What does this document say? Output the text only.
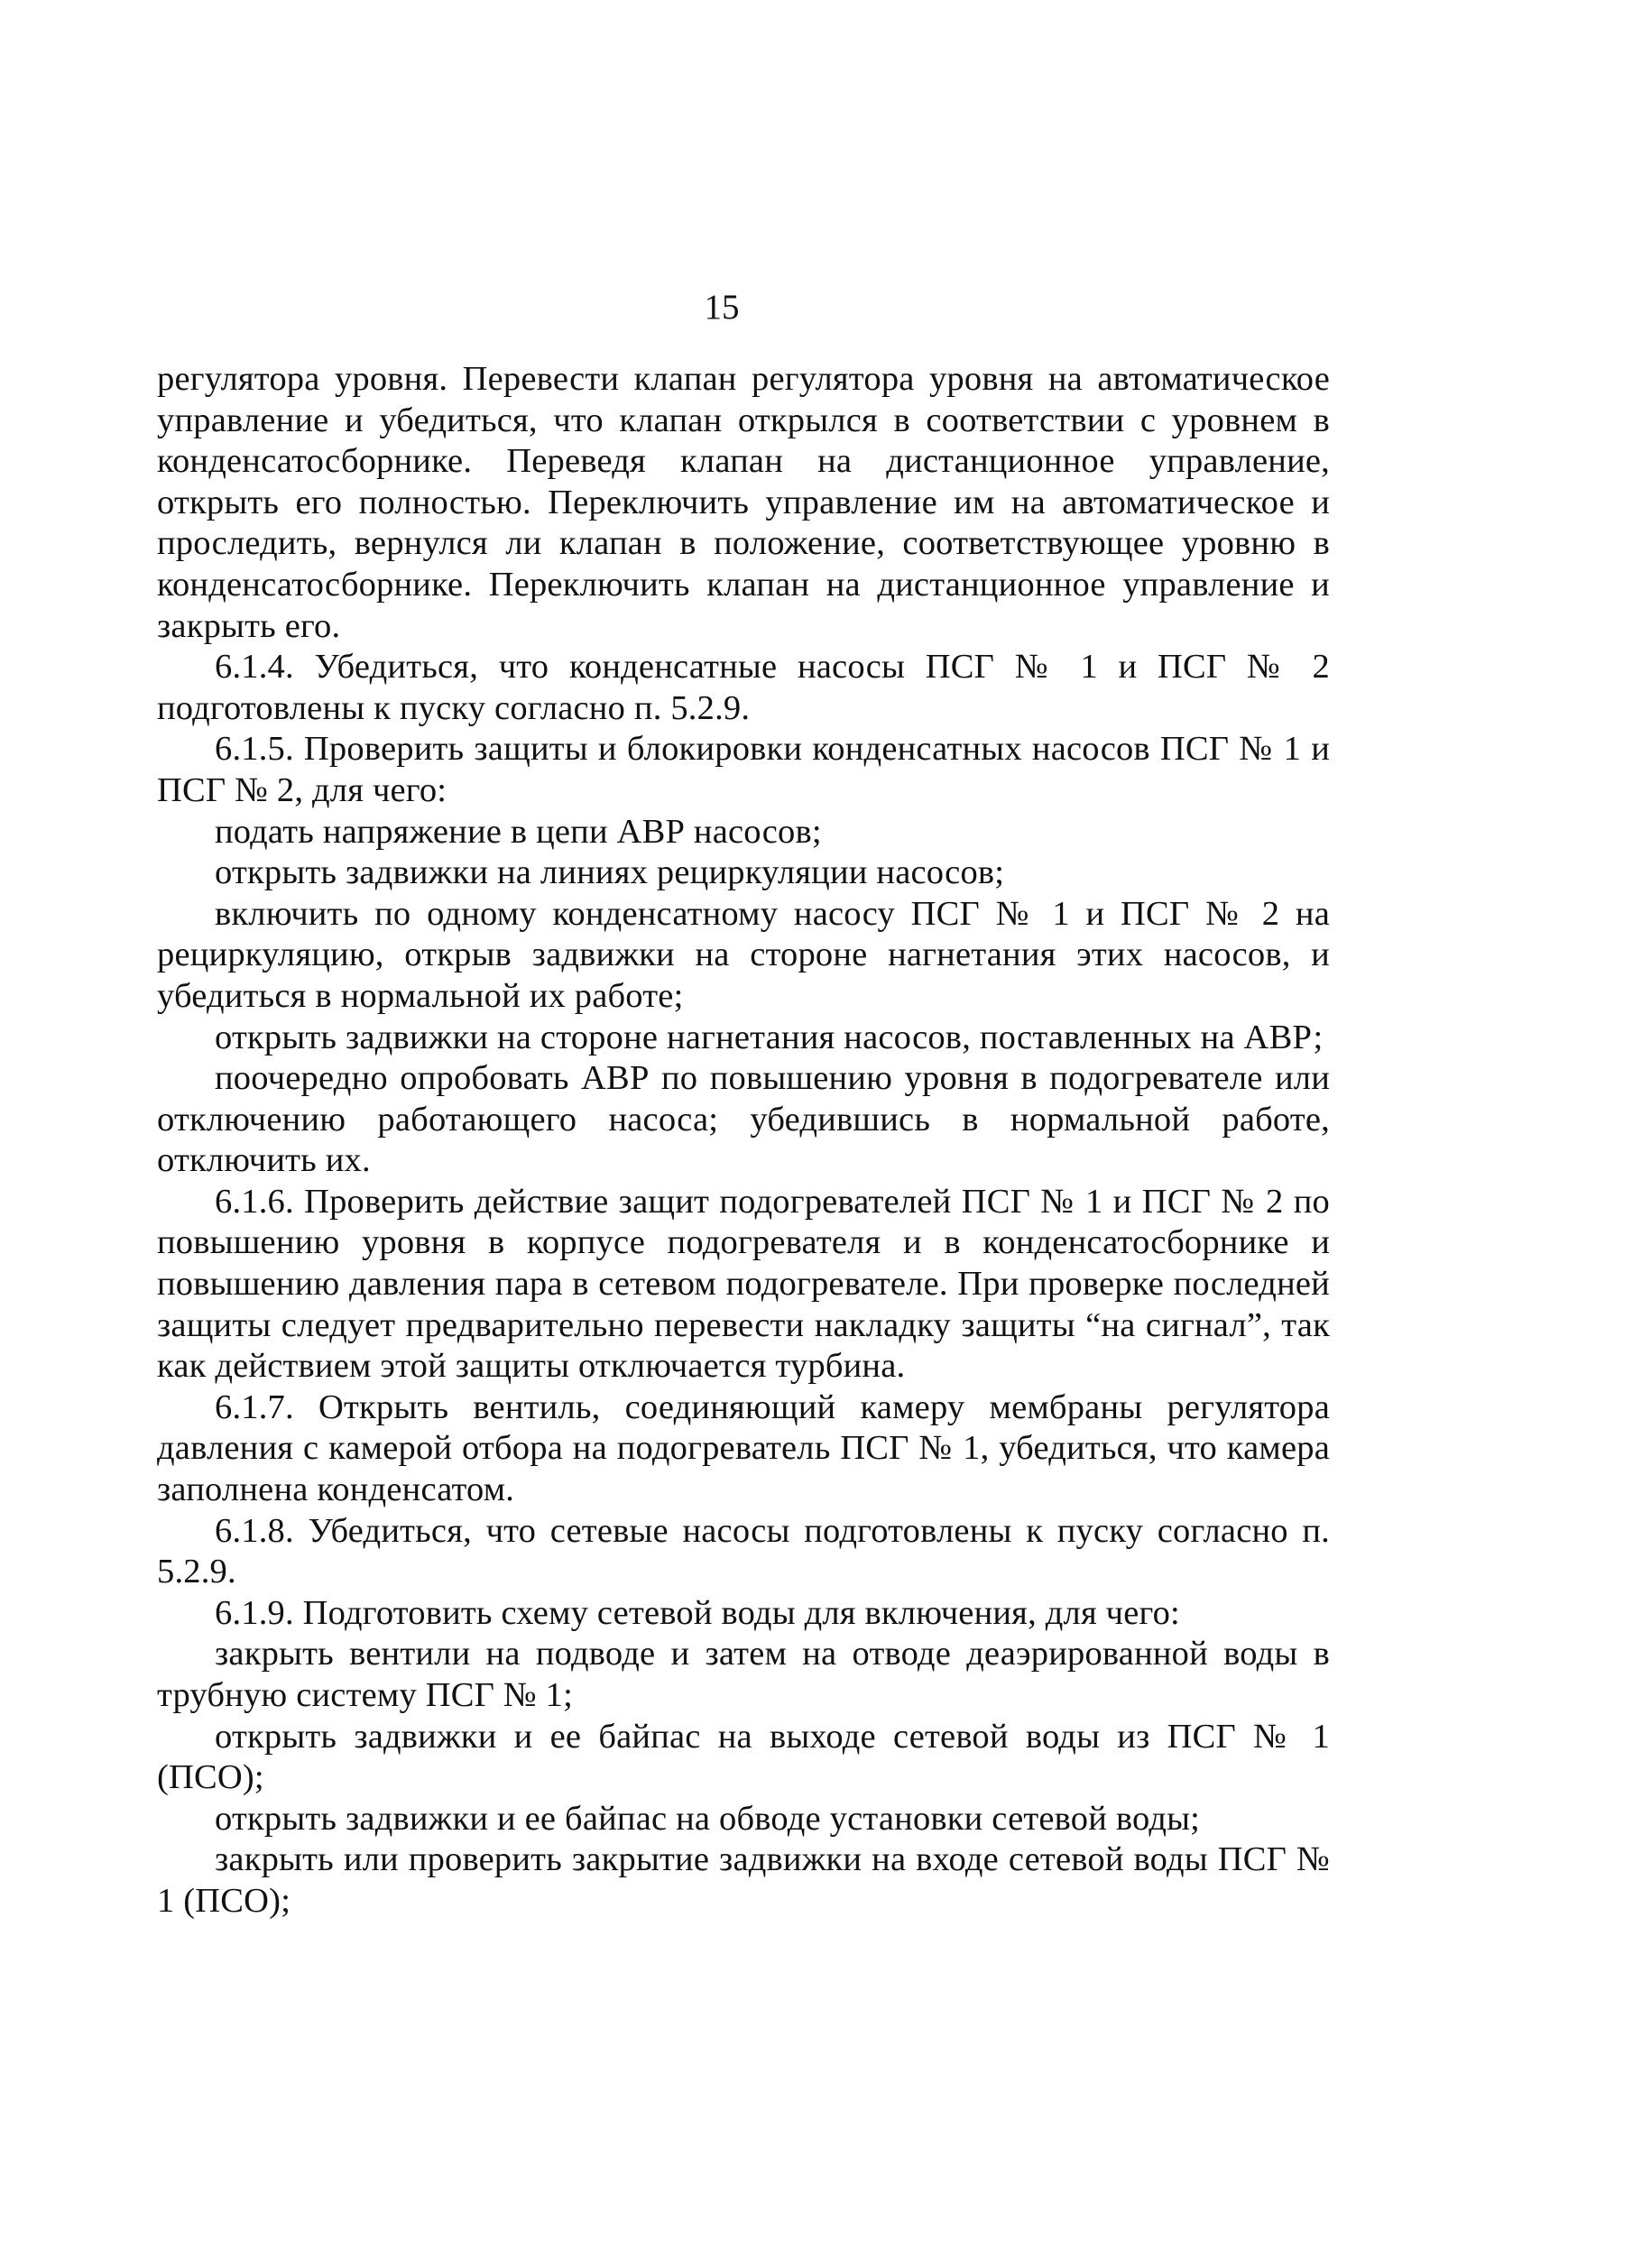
15

регулятора уровня. Перевести клапан регулятора уровня на автоматическое управление и убедиться, что клапан открылся в соответствии с уровнем в конденсатосборнике. Переведя клапан на дистанционное управление, открыть его полностью. Переключить управление им на автоматическое и проследить, вернулся ли клапан в положение, соответствующее уровню в конденсатосборнике. Переключить клапан на дистанционное управление и закрыть его.

6.1.4. Убедиться, что конденсатные насосы ПСГ № 1 и ПСГ № 2 подготовлены к пуску согласно п. 5.2.9.

6.1.5. Проверить защиты и блокировки конденсатных насосов ПСГ № 1 и ПСГ № 2, для чего:

подать напряжение в цепи АВР насосов;

открыть задвижки на линиях рециркуляции насосов;

включить по одному конденсатному насосу ПСГ № 1 и ПСГ № 2 на рециркуляцию, открыв задвижки на стороне нагнетания этих насосов, и убедиться в нормальной их работе;

открыть задвижки на стороне нагнетания насосов, поставленных на АВР;

поочередно опробовать АВР по повышению уровня в подогревателе или отключению работающего насоса; убедившись в нормальной работе, отключить их.

6.1.6. Проверить действие защит подогревателей ПСГ № 1 и ПСГ № 2 по повышению уровня в корпусе подогревателя и в конденсатосборнике и повышению давления пара в сетевом подогревателе. При проверке последней защиты следует предварительно перевести накладку защиты “на сигнал”, так как действием этой защиты отключается турбина.

6.1.7. Открыть вентиль, соединяющий камеру мембраны регулятора давления с камерой отбора на подогреватель ПСГ № 1, убедиться, что камера заполнена конденсатом.

6.1.8. Убедиться, что сетевые насосы подготовлены к пуску согласно п. 5.2.9.

6.1.9. Подготовить схему сетевой воды для включения, для чего:

закрыть вентили на подводе и затем на отводе деаэрированной воды в трубную систему ПСГ № 1;

открыть задвижки и ее байпас на выходе сетевой воды из ПСГ № 1 (ПСО);

открыть задвижки и ее байпас на обводе установки сетевой воды;

закрыть или проверить закрытие задвижки на входе сетевой воды ПСГ № 1 (ПСО);
